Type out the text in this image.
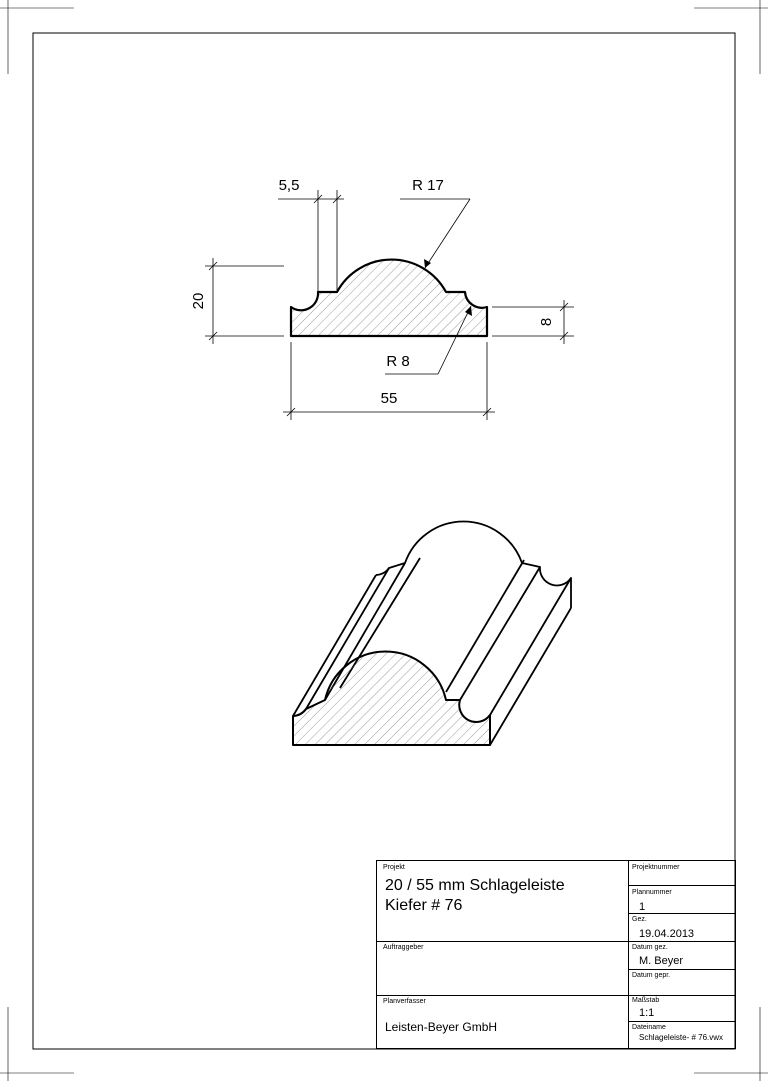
5,5	R 17
20
8
R 8
55
Projekt
20 / 55 mm Schlageleiste
Kiefer # 76
Projektnummer
Plannummer
1
Gez.
19.04.2013
Auftraggeber	Datum gez.
M. Beyer
Datum gepr.
Planverfasser
Leisten-Beyer GmbH
Maßstab
1:1
Dateiname
Schlageleiste- # 76.vwx
